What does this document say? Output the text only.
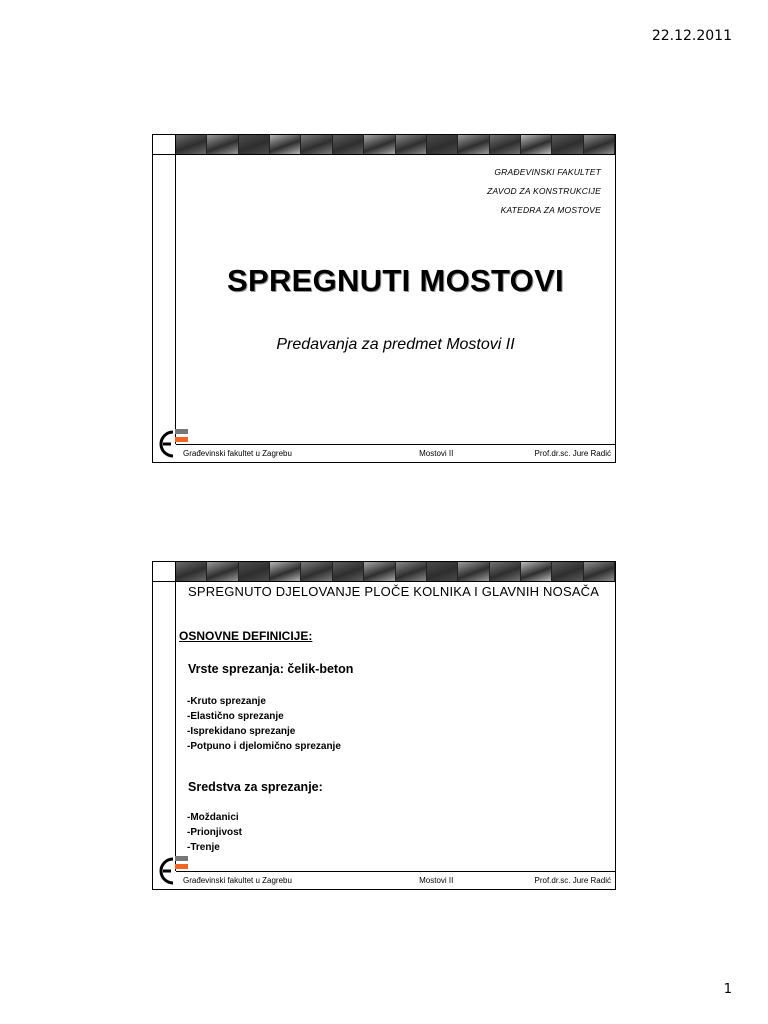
22.12.2011
GRAĐEVINSKI FAKULTET
ZAVOD ZA KONSTRUKCIJE
KATEDRA ZA MOSTOVE
SPREGNUTI MOSTOVI
Predavanja za predmet Mostovi II
Građevinski fakultet u Zagrebu	Mostovi II	Prof.dr.sc. Jure Radić
SPREGNUTO DJELOVANJE PLOČE KOLNIKA I GLAVNIH NOSAČA
OSNOVNE DEFINICIJE:
Vrste sprezanja: čelik-beton
-Kruto sprezanje
-Elastično sprezanje
-Isprekidano sprezanje
-Potpuno i djelomično sprezanje
Sredstva za sprezanje:
-Moždanici
-Prionjivost
-Trenje
Građevinski fakultet u Zagrebu	Mostovi II	Prof.dr.sc. Jure Radić
1
